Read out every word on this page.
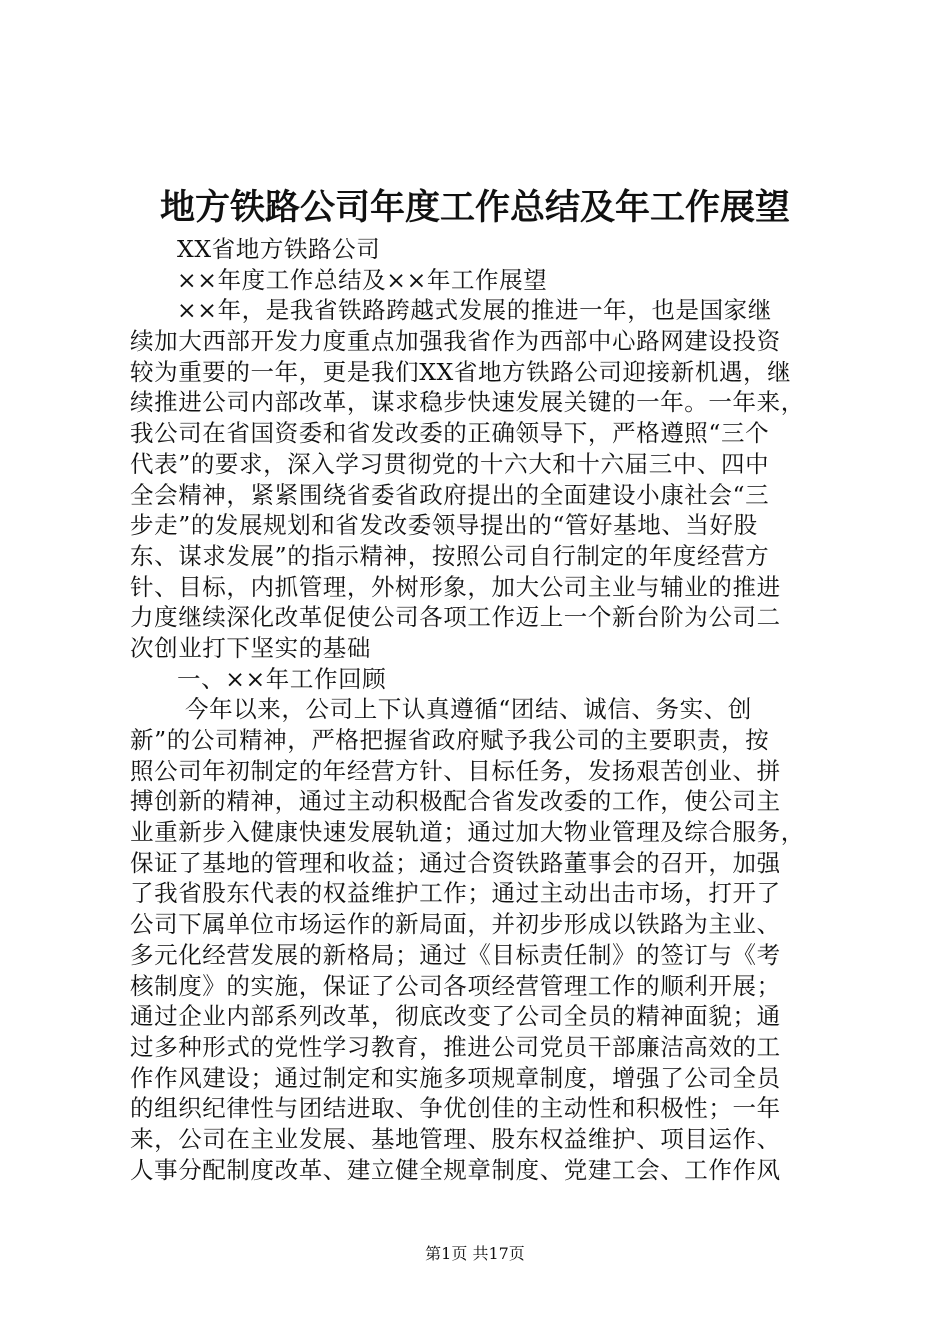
地方铁路公司年度工作总结及年工作展望
XX省地方铁路公司
××年度工作总结及××年工作展望
××年，是我省铁路跨越式发展的推进一年，也是国家继
续加大西部开发力度重点加强我省作为西部中心路网建设投资
较为重要的一年，更是我们XX省地方铁路公司迎接新机遇，继
续推进公司内部改革，谋求稳步快速发展关键的一年。一年来，
我公司在省国资委和省发改委的正确领导下，严格遵照“三个
代表”的要求，深入学习贯彻党的十六大和十六届三中、四中
全会精神，紧紧围绕省委省政府提出的全面建设小康社会“三
步走”的发展规划和省发改委领导提出的“管好基地、当好股
东、谋求发展”的指示精神，按照公司自行制定的年度经营方
针、目标，内抓管理，外树形象，加大公司主业与辅业的推进
力度继续深化改革促使公司各项工作迈上一个新台阶为公司二
次创业打下坚实的基础
一、××年工作回顾
今年以来，公司上下认真遵循“团结、诚信、务实、创
新”的公司精神，严格把握省政府赋予我公司的主要职责，按
照公司年初制定的年经营方针、目标任务，发扬艰苦创业、拼
搏创新的精神，通过主动积极配合省发改委的工作，使公司主
业重新步入健康快速发展轨道；通过加大物业管理及综合服务，
保证了基地的管理和收益；通过合资铁路董事会的召开，加强
了我省股东代表的权益维护工作；通过主动出击市场，打开了
公司下属单位市场运作的新局面，并初步形成以铁路为主业、
多元化经营发展的新格局；通过《目标责任制》的签订与《考
核制度》的实施，保证了公司各项经营管理工作的顺利开展；
通过企业内部系列改革，彻底改变了公司全员的精神面貌；通
过多种形式的党性学习教育，推进公司党员干部廉洁高效的工
作作风建设；通过制定和实施多项规章制度，增强了公司全员
的组织纪律性与团结进取、争优创佳的主动性和积极性；一年
来，公司在主业发展、基地管理、股东权益维护、项目运作、
人事分配制度改革、建立健全规章制度、党建工会、工作作风
第1页 共17页
